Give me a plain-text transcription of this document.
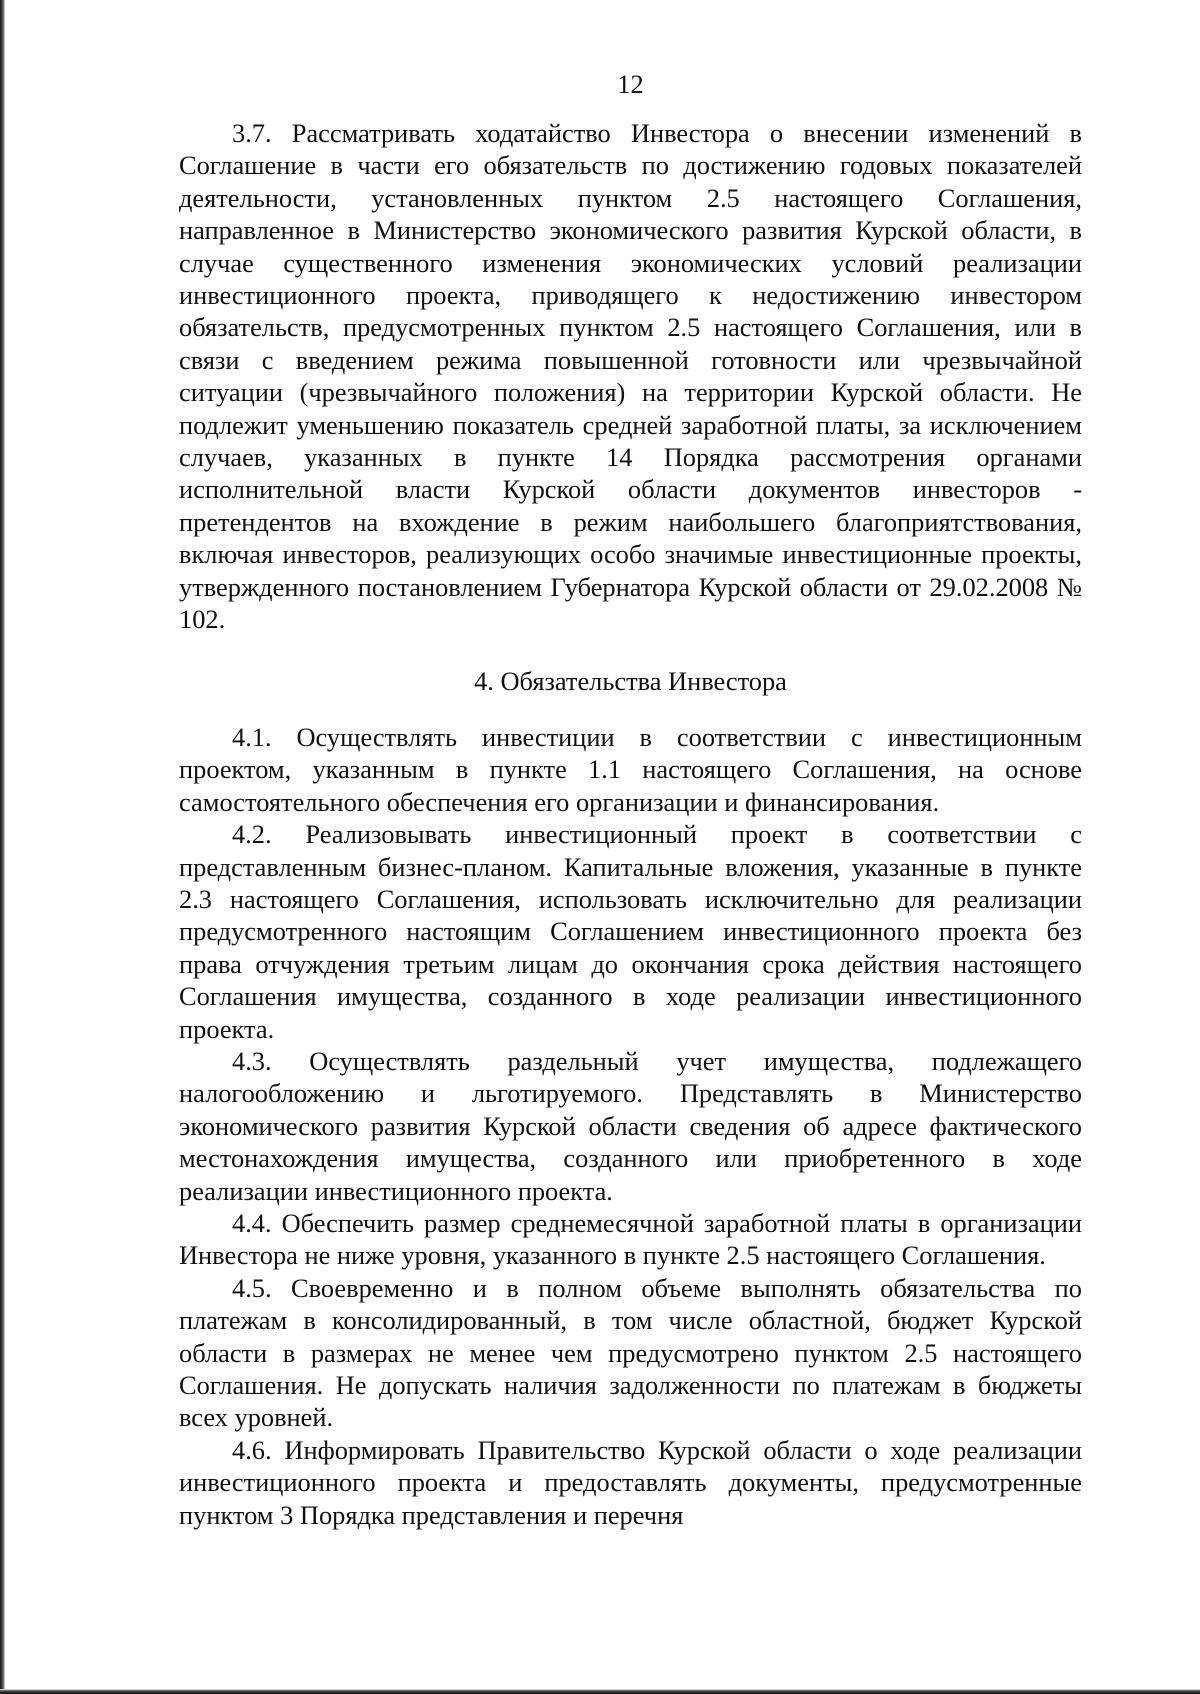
12

3.7. Рассматривать ходатайство Инвестора о внесении изменений в Соглашение в части его обязательств по достижению годовых показателей деятельности, установленных пунктом 2.5 настоящего Соглашения, направленное в Министерство экономического развития Курской области, в случае существенного изменения экономических условий реализации инвестиционного проекта, приводящего к недостижению инвестором обязательств, предусмотренных пунктом 2.5 настоящего Соглашения, или в связи с введением режима повышенной готовности или чрезвычайной ситуации (чрезвычайного положения) на территории Курской области. Не подлежит уменьшению показатель средней заработной платы, за исключением случаев, указанных в пункте 14 Порядка рассмотрения органами исполнительной власти Курской области документов инвесторов - претендентов на вхождение в режим наибольшего благоприятствования, включая инвесторов, реализующих особо значимые инвестиционные проекты, утвержденного постановлением Губернатора Курской области от 29.02.2008 № 102.

4. Обязательства Инвестора

4.1. Осуществлять инвестиции в соответствии с инвестиционным проектом, указанным в пункте 1.1 настоящего Соглашения, на основе самостоятельного обеспечения его организации и финансирования.

4.2. Реализовывать инвестиционный проект в соответствии с представленным бизнес-планом. Капитальные вложения, указанные в пункте 2.3 настоящего Соглашения, использовать исключительно для реализации предусмотренного настоящим Соглашением инвестиционного проекта без права отчуждения третьим лицам до окончания срока действия настоящего Соглашения имущества, созданного в ходе реализации инвестиционного проекта.

4.3. Осуществлять раздельный учет имущества, подлежащего налогообложению и льготируемого. Представлять в Министерство экономического развития Курской области сведения об адресе фактического местонахождения имущества, созданного или приобретенного в ходе реализации инвестиционного проекта.

4.4. Обеспечить размер среднемесячной заработной платы в организации Инвестора не ниже уровня, указанного в пункте 2.5 настоящего Соглашения.

4.5. Своевременно и в полном объеме выполнять обязательства по платежам в консолидированный, в том числе областной, бюджет Курской области в размерах не менее чем предусмотрено пунктом 2.5 настоящего Соглашения. Не допускать наличия задолженности по платежам в бюджеты всех уровней.

4.6. Информировать Правительство Курской области о ходе реализации инвестиционного проекта и предоставлять документы, предусмотренные пунктом 3 Порядка представления и перечня
